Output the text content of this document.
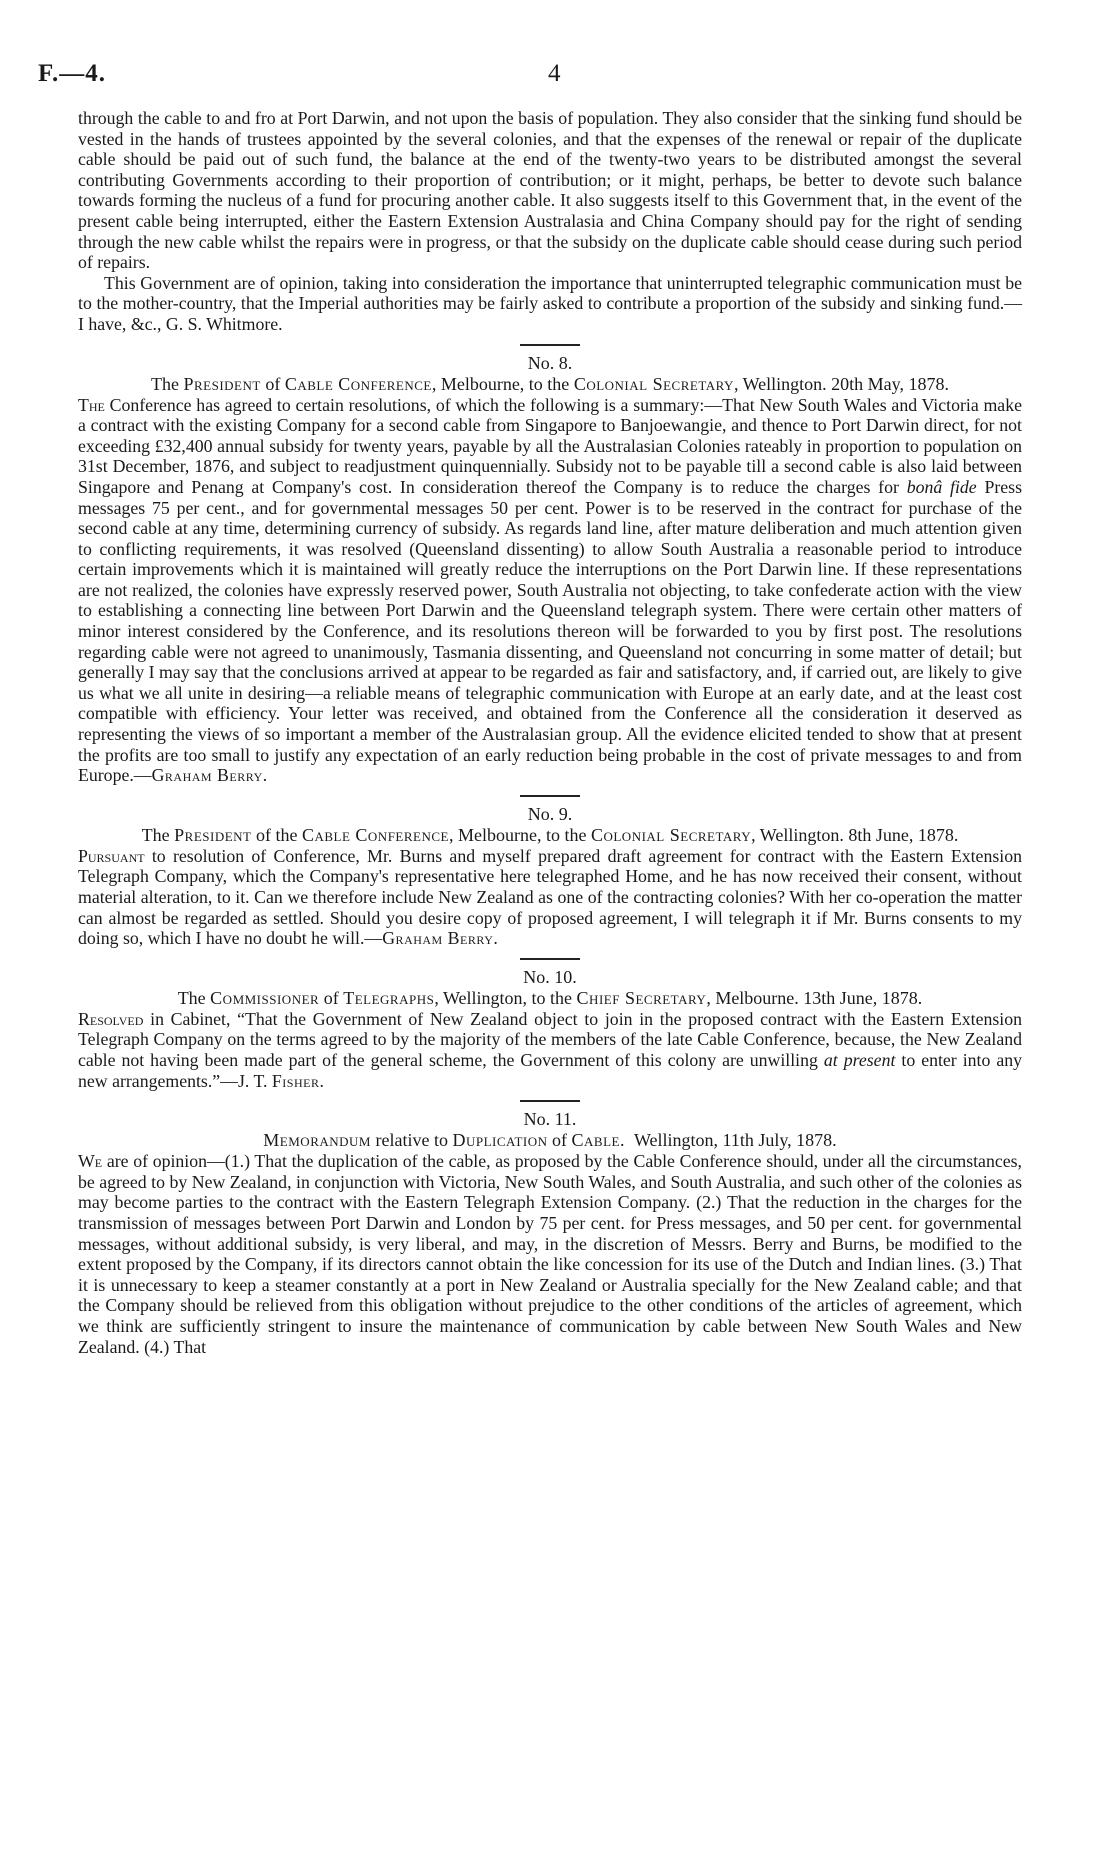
F.—4.	4

through the cable to and fro at Port Darwin, and not upon the basis of population. They also consider that the sinking fund should be vested in the hands of trustees appointed by the several colonies, and that the expenses of the renewal or repair of the duplicate cable should be paid out of such fund, the balance at the end of the twenty-two years to be distributed amongst the several contributing Governments according to their proportion of contribution; or it might, perhaps, be better to devote such balance towards forming the nucleus of a fund for procuring another cable. It also suggests itself to this Government that, in the event of the present cable being interrupted, either the Eastern Extension Australasia and China Company should pay for the right of sending through the new cable whilst the repairs were in progress, or that the subsidy on the duplicate cable should cease during such period of repairs.

This Government are of opinion, taking into consideration the importance that uninterrupted telegraphic communication must be to the mother-country, that the Imperial authorities may be fairly asked to contribute a proportion of the subsidy and sinking fund.—I have, &c., G. S. Whitmore.

No. 8.

The President of Cable Conference, Melbourne, to the Colonial Secretary, Wellington. 20th May, 1878.

The Conference has agreed to certain resolutions, of which the following is a summary:—That New South Wales and Victoria make a contract with the existing Company for a second cable from Singapore to Banjoewangie, and thence to Port Darwin direct, for not exceeding £32,400 annual subsidy for twenty years, payable by all the Australasian Colonies rateably in proportion to population on 31st December, 1876, and subject to readjustment quinquennially. Subsidy not to be payable till a second cable is also laid between Singapore and Penang at Company's cost. In consideration thereof the Company is to reduce the charges for bonâ fide Press messages 75 per cent., and for governmental messages 50 per cent. Power is to be reserved in the contract for purchase of the second cable at any time, determining currency of subsidy. As regards land line, after mature deliberation and much attention given to conflicting requirements, it was resolved (Queensland dissenting) to allow South Australia a reasonable period to introduce certain improvements which it is maintained will greatly reduce the interruptions on the Port Darwin line. If these representations are not realized, the colonies have expressly reserved power, South Australia not objecting, to take confederate action with the view to establishing a connecting line between Port Darwin and the Queensland telegraph system. There were certain other matters of minor interest considered by the Conference, and its resolutions thereon will be forwarded to you by first post. The resolutions regarding cable were not agreed to unanimously, Tasmania dissenting, and Queensland not concurring in some matter of detail; but generally I may say that the conclusions arrived at appear to be regarded as fair and satisfactory, and, if carried out, are likely to give us what we all unite in desiring—a reliable means of telegraphic communication with Europe at an early date, and at the least cost compatible with efficiency. Your letter was received, and obtained from the Conference all the consideration it deserved as representing the views of so important a member of the Australasian group. All the evidence elicited tended to show that at present the profits are too small to justify any expectation of an early reduction being probable in the cost of private messages to and from Europe.—Graham Berry.

No. 9.

The President of the Cable Conference, Melbourne, to the Colonial Secretary, Wellington. 8th June, 1878.

Pursuant to resolution of Conference, Mr. Burns and myself prepared draft agreement for contract with the Eastern Extension Telegraph Company, which the Company's representative here telegraphed Home, and he has now received their consent, without material alteration, to it. Can we therefore include New Zealand as one of the contracting colonies? With her co-operation the matter can almost be regarded as settled. Should you desire copy of proposed agreement, I will telegraph it if Mr. Burns consents to my doing so, which I have no doubt he will.—Graham Berry.

No. 10.

The Commissioner of Telegraphs, Wellington, to the Chief Secretary, Melbourne. 13th June, 1878.

Resolved in Cabinet, “That the Government of New Zealand object to join in the proposed contract with the Eastern Extension Telegraph Company on the terms agreed to by the majority of the members of the late Cable Conference, because, the New Zealand cable not having been made part of the general scheme, the Government of this colony are unwilling at present to enter into any new arrangements.”—J. T. Fisher.

No. 11.

Memorandum relative to Duplication of Cable. Wellington, 11th July, 1878.

We are of opinion—(1.) That the duplication of the cable, as proposed by the Cable Conference should, under all the circumstances, be agreed to by New Zealand, in conjunction with Victoria, New South Wales, and South Australia, and such other of the colonies as may become parties to the contract with the Eastern Telegraph Extension Company. (2.) That the reduction in the charges for the transmission of messages between Port Darwin and London by 75 per cent. for Press messages, and 50 per cent. for governmental messages, without additional subsidy, is very liberal, and may, in the discretion of Messrs. Berry and Burns, be modified to the extent proposed by the Company, if its directors cannot obtain the like concession for its use of the Dutch and Indian lines. (3.) That it is unnecessary to keep a steamer constantly at a port in New Zealand or Australia specially for the New Zealand cable; and that the Company should be relieved from this obligation without prejudice to the other conditions of the articles of agreement, which we think are sufficiently stringent to insure the maintenance of communication by cable between New South Wales and New Zealand. (4.) That
